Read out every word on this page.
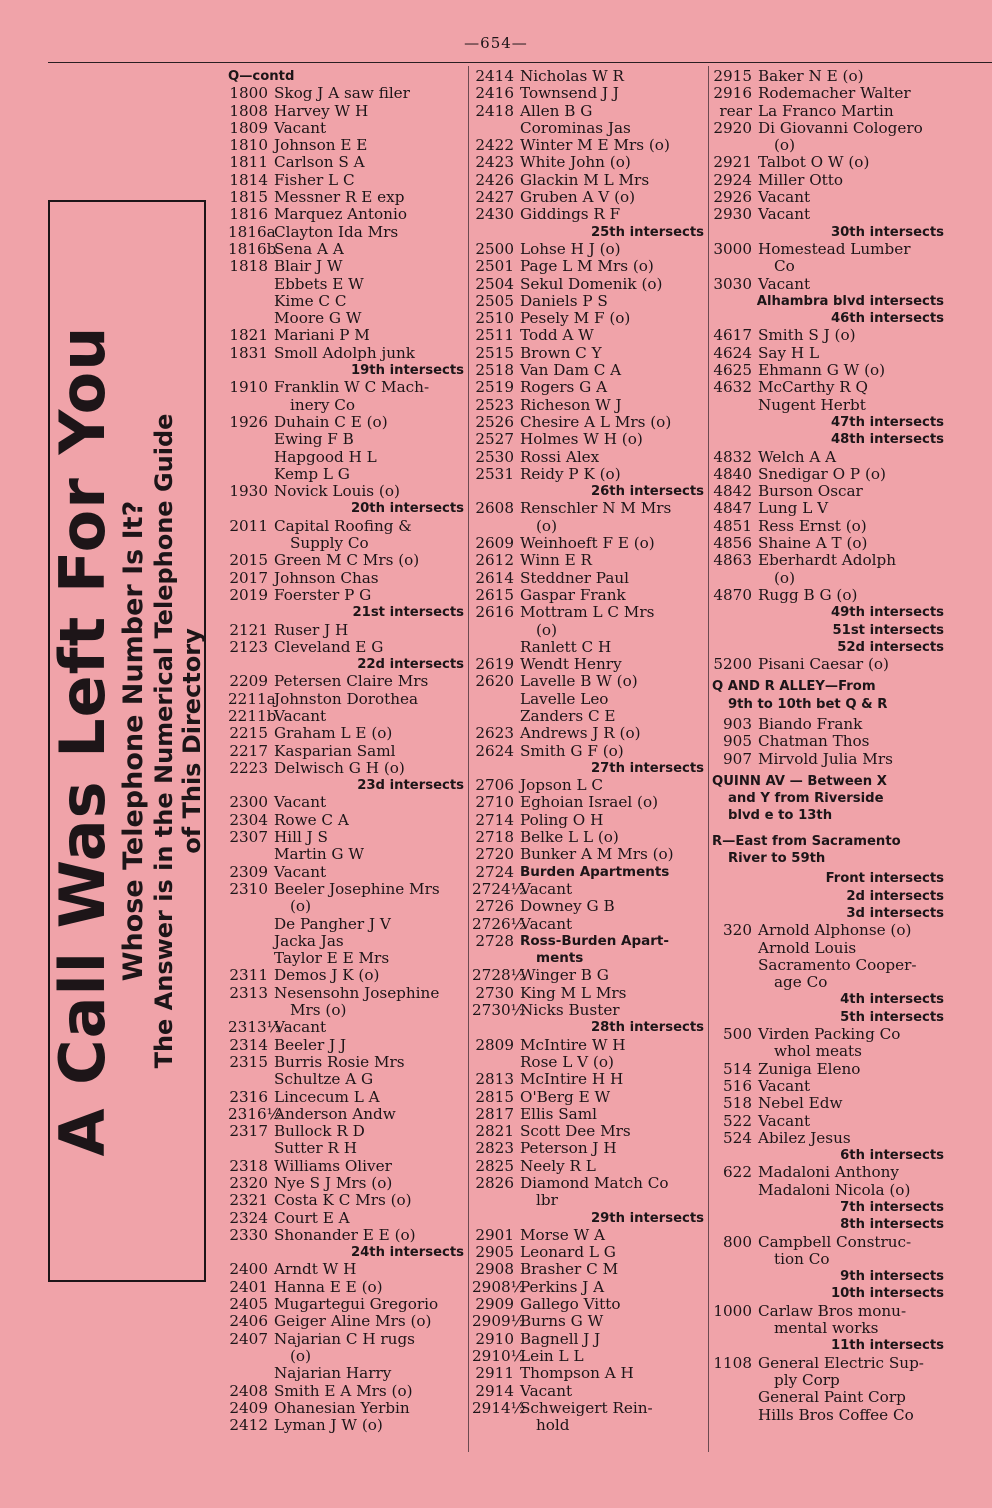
—654—
A Call Was Left For You Whose Telephone Number Is It? The Answer is in the Numerical Telephone Guide of This Directory
Q—contd
1800 Skog J A saw filer
1808 Harvey W H
1809 Vacant
1810 Johnson E E
1811 Carlson S A
1814 Fisher L C
1815 Messner R E exp
1816 Marquez Antonio
1816a
Clayton Ida Mrs
1816b
Sena A A
1818 Blair J W
Ebbets E W
Kime C C
Moore G W
1821 Mariani P M
1831 Smoll Adolph junk
19th intersects
1910 Franklin W C Mach-
inery Co
1926 Duhain C E (o)
Ewing F B
Hapgood H L
Kemp L G
1930 Novick Louis (o)
20th intersects
2011 Capital Roofing &
Supply Co
2015 Green M C Mrs (o)
2017 Johnson Chas
2019 Foerster P G
21st intersects
2121 Ruser J H
2123 Cleveland E G
22d intersects
2209 Petersen Claire Mrs
2211a
Johnston Dorothea
2211b
Vacant
2215 Graham L E (o)
2217 Kasparian Saml
2223 Delwisch G H (o)
23d intersects
2300 Vacant
2304 Rowe C A
2307 Hill J S
Martin G W
2309 Vacant
2310 Beeler Josephine Mrs
(o)
De Pangher J V
Jacka Jas
Taylor E E Mrs
2311 Demos J K (o)
2313 Nesensohn Josephine
Mrs (o)
2313½
Vacant
2314 Beeler J J
2315 Burris Rosie Mrs
Schultze A G
2316 Lincecum L A
2316½
Anderson Andw
2317 Bullock R D
Sutter R H
2318 Williams Oliver
2320 Nye S J Mrs (o)
2321 Costa K C Mrs (o)
2324 Court E A
2330 Shonander E E (o)
24th intersects
2400 Arndt W H
2401 Hanna E E (o)
2405 Mugartegui Gregorio
2406 Geiger Aline Mrs (o)
2407 Najarian C H rugs
(o)
Najarian Harry
2408 Smith E A Mrs (o)
2409 Ohanesian Yerbin
2412 Lyman J W (o)
2414 Nicholas W R
2416 Townsend J J
2418 Allen B G
Corominas Jas
2422 Winter M E Mrs (o)
2423 White John (o)
2426 Glackin M L Mrs
2427 Gruben A V (o)
2430 Giddings R F
25th intersects
2500 Lohse H J (o)
2501 Page L M Mrs (o)
2504 Sekul Domenik (o)
2505 Daniels P S
2510 Pesely M F (o)
2511 Todd A W
2515 Brown C Y
2518 Van Dam C A
2519 Rogers G A
2523 Richeson W J
2526 Chesire A L Mrs (o)
2527 Holmes W H (o)
2530 Rossi Alex
2531 Reidy P K (o)
26th intersects
2608 Renschler N M Mrs
(o)
2609 Weinhoeft F E (o)
2612 Winn E R
2614 Steddner Paul
2615 Gaspar Frank
2616 Mottram L C Mrs
(o)
Ranlett C H
2619 Wendt Henry
2620 Lavelle B W (o)
Lavelle Leo
Zanders C E
2623 Andrews J R (o)
2624 Smith G F (o)
27th intersects
2706 Jopson L C
2710 Eghoian Israel (o)
2714 Poling O H
2718 Belke L L (o)
2720 Bunker A M Mrs (o)
2724 Burden Apartments
2724½
Vacant
2726 Downey G B
2726½
Vacant
2728 Ross-Burden Apart-
ments
2728½
Winger B G
2730 King M L Mrs
2730½
Nicks Buster
28th intersects
2809 McIntire W H
Rose L V (o)
2813 McIntire H H
2815 O'Berg E W
2817 Ellis Saml
2821 Scott Dee Mrs
2823 Peterson J H
2825 Neely R L
2826 Diamond Match Co
lbr
29th intersects
2901 Morse W A
2905 Leonard L G
2908 Brasher C M
2908½
Perkins J A
2909 Gallego Vitto
2909½
Burns G W
2910 Bagnell J J
2910½
Lein L L
2911 Thompson A H
2914 Vacant
2914½
Schweigert Rein-
hold
2915 Baker N E (o)
2916 Rodemacher Walter
rear La Franco Martin
2920 Di Giovanni Cologero
(o)
2921 Talbot O W (o)
2924 Miller Otto
2926 Vacant
2930 Vacant
30th intersects
3000 Homestead Lumber
Co
3030 Vacant
Alhambra blvd intersects
46th intersects
4617 Smith S J (o)
4624 Say H L
4625 Ehmann G W (o)
4632 McCarthy R Q
Nugent Herbt
47th intersects
48th intersects
4832 Welch A A
4840 Snedigar O P (o)
4842 Burson Oscar
4847 Lung L V
4851 Ress Ernst (o)
4856 Shaine A T (o)
4863 Eberhardt Adolph
(o)
4870 Rugg B G (o)
49th intersects
51st intersects
52d intersects
5200 Pisani Caesar (o)
Q AND R ALLEY—From
9th to 10th bet Q & R
903 Biando Frank
905 Chatman Thos
907 Mirvold Julia Mrs
QUINN AV — Between X
and Y from Riverside
blvd e to 13th
R—East from Sacramento
River to 59th
Front intersects
2d intersects
3d intersects
320 Arnold Alphonse (o)
Arnold Louis
Sacramento Cooper-
age Co
4th intersects
5th intersects
500 Virden Packing Co
whol meats
514 Zuniga Eleno
516 Vacant
518 Nebel Edw
522 Vacant
524 Abilez Jesus
6th intersects
622 Madaloni Anthony
Madaloni Nicola (o)
7th intersects
8th intersects
800 Campbell Construc-
tion Co
9th intersects
10th intersects
1000 Carlaw Bros monu-
mental works
11th intersects
1108 General Electric Sup-
ply Corp
General Paint Corp
Hills Bros Coffee Co
